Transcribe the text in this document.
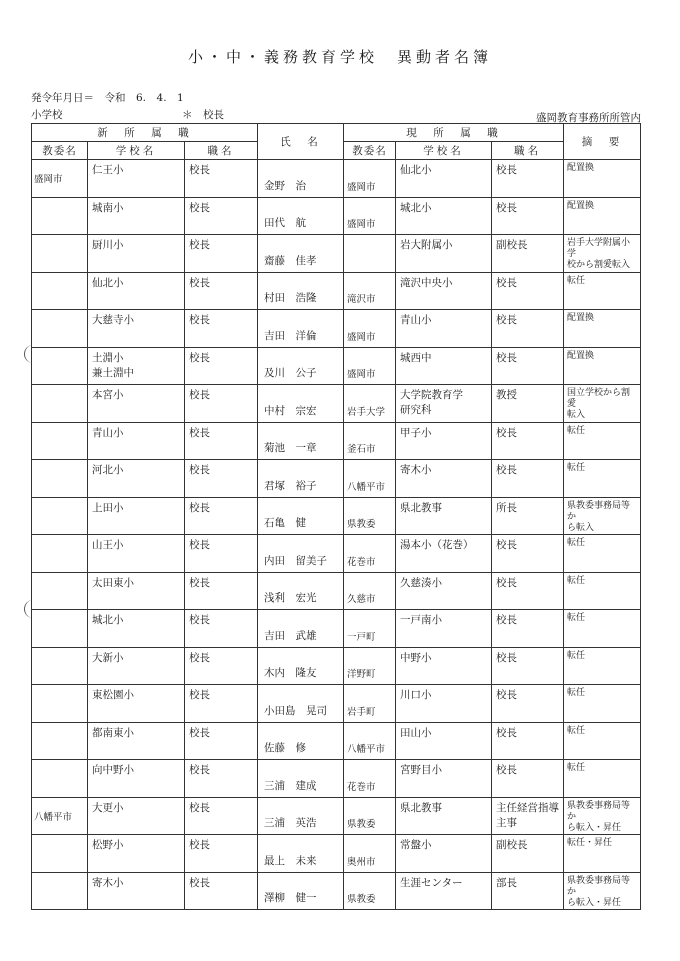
小・中・義務教育学校　異動者名簿
発令年月日＝　令和　6.　4.　1
小学校	＊　校長	盛岡教育事務所所管内
新　所　属　職			氏　名	現　所　属　職			摘　要
教委名	学校名	職名		教委名	学校名	職名	
盛岡市	仁王小	校長	金野　治	盛岡市	仙北小	校長	配置換

	城南小	校長	田代　航	盛岡市	城北小	校長	配置換

	厨川小	校長	齋藤　佳孝		岩大附属小	副校長	岩手大学附属小学
校から割愛転入

	仙北小	校長	村田　浩隆	滝沢市	滝沢中央小	校長	転任

	大慈寺小	校長	吉田　洋倫	盛岡市	青山小	校長	配置換

	土淵小
兼土淵中	校長	及川　公子	盛岡市	城西中	校長	配置換

	本宮小	校長	中村　宗宏	岩手大学	大学院教育学
研究科	教授	国立学校から割愛
転入

	青山小	校長	菊池　一章	釜石市	甲子小	校長	転任

	河北小	校長	君塚　裕子	八幡平市	寄木小	校長	転任

	上田小	校長	石亀　健	県教委	県北教事	所長	県教委事務局等か
ら転入

	山王小	校長	内田　留美子	花巻市	湯本小（花巻）	校長	転任

	太田東小	校長	浅利　宏光	久慈市	久慈湊小	校長	転任

	城北小	校長	吉田　武雄	一戸町	一戸南小	校長	転任

	大新小	校長	木内　隆友	洋野町	中野小	校長	転任

	東松園小	校長	小田島　晃司	岩手町	川口小	校長	転任

	都南東小	校長	佐藤　修	八幡平市	田山小	校長	転任

	向中野小	校長	三浦　建成	花巻市	宮野目小	校長	転任

八幡平市	大更小	校長	三浦　英浩	県教委	県北教事	主任経営指導
主事	県教委事務局等か
ら転入・昇任

	松野小	校長	最上　未来	奥州市	常盤小	副校長	転任・昇任

	寄木小	校長	澤柳　健一	県教委	生涯センター	部長	県教委事務局等か
ら転入・昇任
